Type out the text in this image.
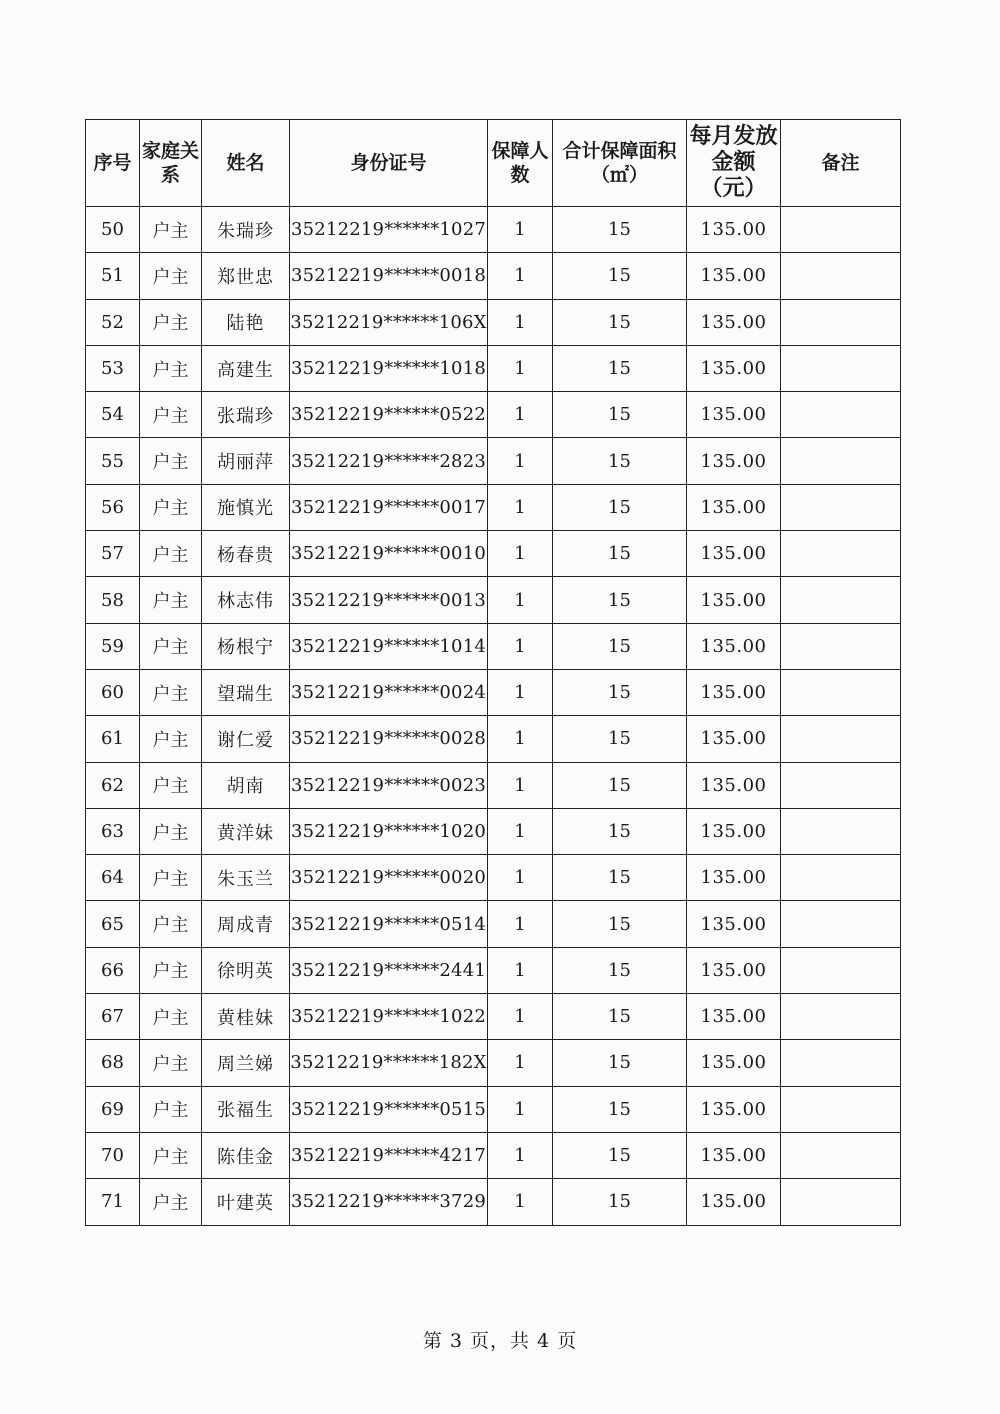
序号	家庭关系	姓名	身份证号	保障人数	合计保障面积（㎡）	每月发放金额（元）	备注
50	户主	朱瑞珍	35212219******1027	1	15	135.00	
51	户主	郑世忠	35212219******0018	1	15	135.00	
52	户主	陆艳	35212219******106X	1	15	135.00	
53	户主	高建生	35212219******1018	1	15	135.00	
54	户主	张瑞珍	35212219******0522	1	15	135.00	
55	户主	胡丽萍	35212219******2823	1	15	135.00	
56	户主	施慎光	35212219******0017	1	15	135.00	
57	户主	杨春贵	35212219******0010	1	15	135.00	
58	户主	林志伟	35212219******0013	1	15	135.00	
59	户主	杨根宁	35212219******1014	1	15	135.00	
60	户主	望瑞生	35212219******0024	1	15	135.00	
61	户主	谢仁爱	35212219******0028	1	15	135.00	
62	户主	胡南	35212219******0023	1	15	135.00	
63	户主	黄洋妹	35212219******1020	1	15	135.00	
64	户主	朱玉兰	35212219******0020	1	15	135.00	
65	户主	周成青	35212219******0514	1	15	135.00	
66	户主	徐明英	35212219******2441	1	15	135.00	
67	户主	黄桂妹	35212219******1022	1	15	135.00	
68	户主	周兰娣	35212219******182X	1	15	135.00	
69	户主	张福生	35212219******0515	1	15	135.00	
70	户主	陈佳金	35212219******4217	1	15	135.00	
71	户主	叶建英	35212219******3729	1	15	135.00	
第 3 页，共 4 页
